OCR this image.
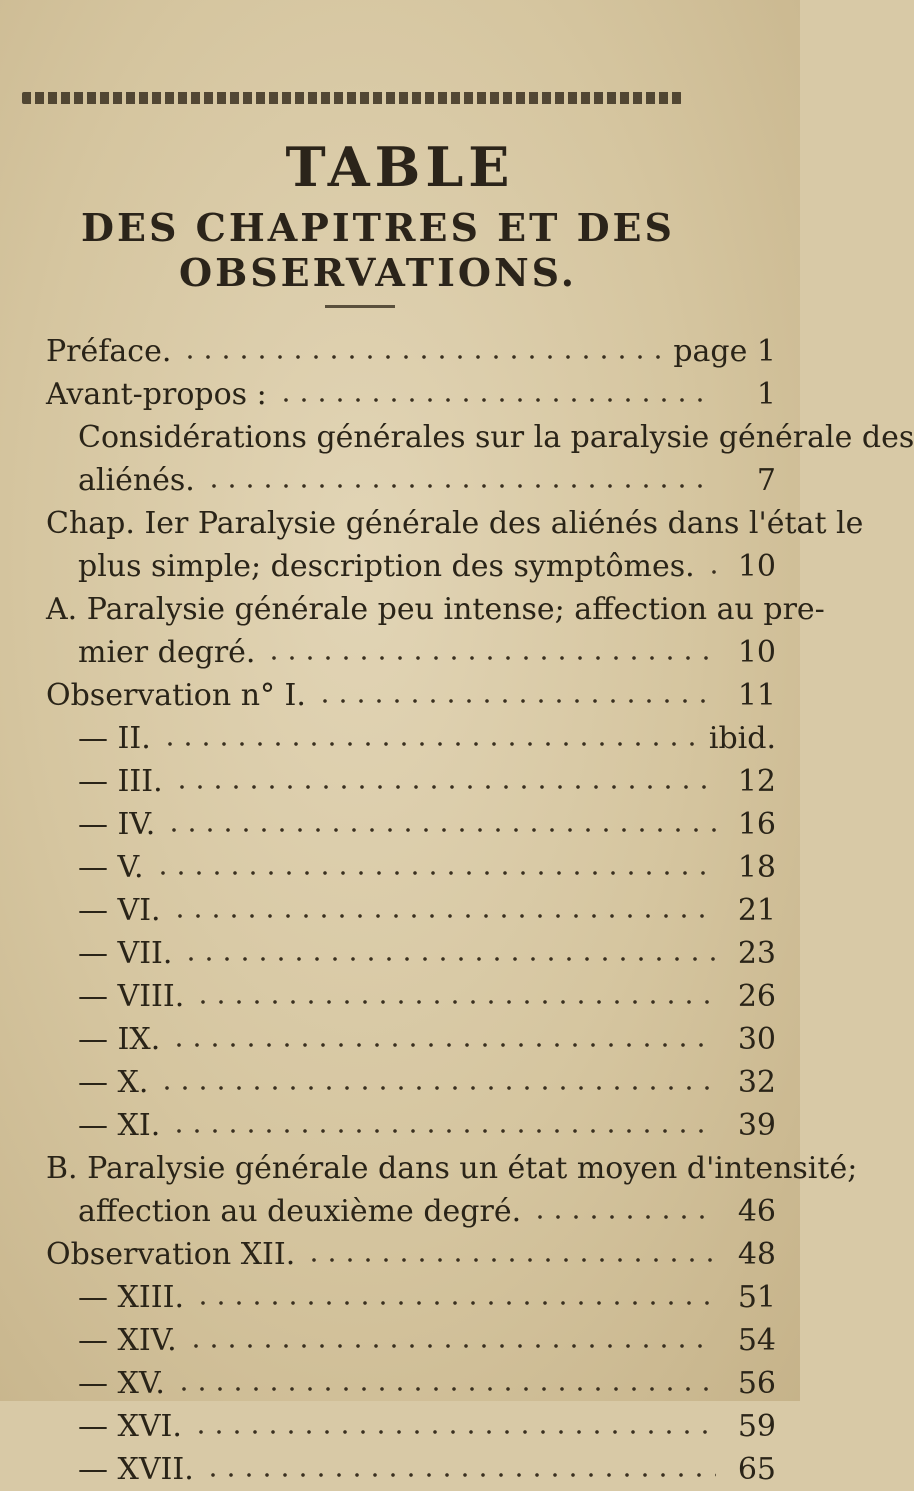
TABLE
DES CHAPITRES ET DES OBSERVATIONS.
Préface.	page 1
Avant-propos :	1
Considérations générales sur la paralysie générale des
aliénés.	7
Chap. Ier Paralysie générale des aliénés dans l'état le
plus simple; description des symptômes.	10
A. Paralysie générale peu intense; affection au pre-
mier degré.	10
Observation n° I.	11
— II.	ibid.
— III.	12
— IV.	16
— V.	18
— VI.	21
— VII.	23
— VIII.	26
— IX.	30
— X.	32
— XI.	39
B. Paralysie générale dans un état moyen d'intensité;
affection au deuxième degré.	46
Observation XII.	48
— XIII.	51
— XIV.	54
— XV.	56
— XVI.	59
— XVII.	65
